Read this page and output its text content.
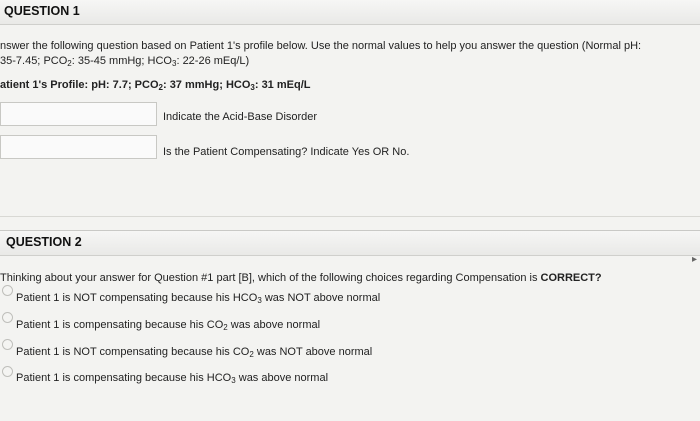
QUESTION 1
nswer the following question based on Patient 1's profile below. Use the normal values to help you answer the question (Normal pH:
35-7.45; $PCO_2$: 35-45 mmHg; $HCO_3$: 22-26 mEq/L)
atient 1's Profile: pH: 7.7; $PCO_2$: 37 mmHg; $HCO_3$: 31 mEq/L
Indicate the Acid-Base Disorder
Is the Patient Compensating? Indicate Yes OR No.
QUESTION 2
Thinking about your answer for Question #1 part [B], which of the following choices regarding Compensation is CORRECT?
▸
Patient 1 is NOT compensating because his $HCO_3$ was NOT above normal
Patient 1 is compensating because his $CO_2$ was above normal
Patient 1 is NOT compensating because his $CO_2$ was NOT above normal
Patient 1 is compensating because his $HCO_3$ was above normal
